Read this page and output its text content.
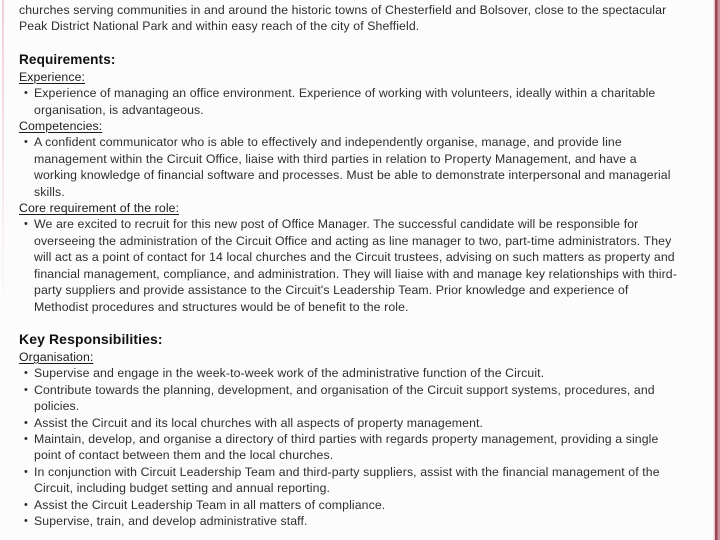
churches serving communities in and around the historic towns of Chesterfield and Bolsover, close to the spectacular Peak District National Park and within easy reach of the city of Sheffield.

Requirements:
Experience:
• Experience of managing an office environment. Experience of working with volunteers, ideally within a charitable organisation, is advantageous.
Competencies:
• A confident communicator who is able to effectively and independently organise, manage, and provide line management within the Circuit Office, liaise with third parties in relation to Property Management, and have a working knowledge of financial software and processes. Must be able to demonstrate interpersonal and managerial skills.
Core requirement of the role:
• We are excited to recruit for this new post of Office Manager. The successful candidate will be responsible for overseeing the administration of the Circuit Office and acting as line manager to two, part-time administrators. They will act as a point of contact for 14 local churches and the Circuit trustees, advising on such matters as property and financial management, compliance, and administration. They will liaise with and manage key relationships with third-party suppliers and provide assistance to the Circuit's Leadership Team. Prior knowledge and experience of Methodist procedures and structures would be of benefit to the role.
Key Responsibilities:
Organisation:
• Supervise and engage in the week-to-week work of the administrative function of the Circuit.
• Contribute towards the planning, development, and organisation of the Circuit support systems, procedures, and policies.
• Assist the Circuit and its local churches with all aspects of property management.
• Maintain, develop, and organise a directory of third parties with regards property management, providing a single point of contact between them and the local churches.
• In conjunction with Circuit Leadership Team and third-party suppliers, assist with the financial management of the Circuit, including budget setting and annual reporting.
• Assist the Circuit Leadership Team in all matters of compliance.
• Supervise, train, and develop administrative staff.
